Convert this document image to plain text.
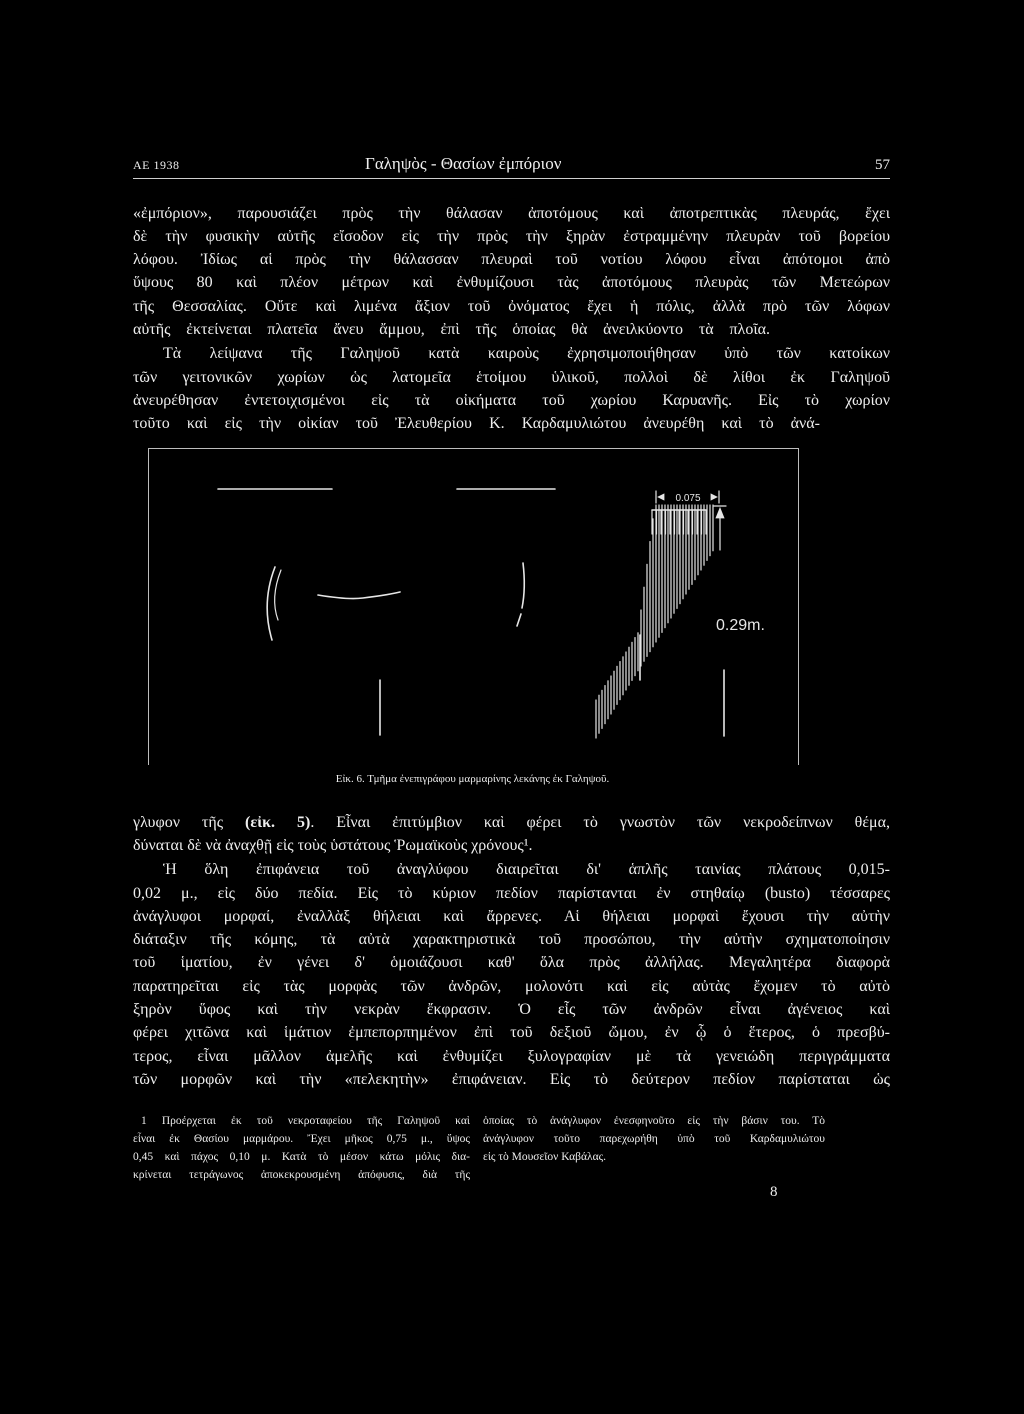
ΑΕ 1938	Γαληψὸς - Θασίων ἐμπόριον	57
«ἐμπόριον», παρουσιάζει πρὸς τὴν θάλασαν ἀποτόμους καὶ ἀποτρεπτικὰς πλευράς, ἔχει
δὲ τὴν φυσικὴν αὐτῆς εἴσοδον εἰς τὴν πρὸς τὴν ξηρὰν ἐστραμμένην πλευρὰν τοῦ βορείου
λόφου. Ἰδίως αἱ πρὸς τὴν θάλασσαν πλευραὶ τοῦ νοτίου λόφου εἶναι ἀπότομοι ἀπὸ
ὕψους 80 καὶ πλέον μέτρων καὶ ἐνθυμίζουσι τὰς ἀποτόμους πλευρὰς τῶν Μετεώρων
τῆς Θεσσαλίας. Οὔτε καὶ λιμένα ἄξιον τοῦ ὀνόματος ἔχει ἡ πόλις, ἀλλὰ πρὸ τῶν λόφων
αὐτῆς ἐκτείνεται πλατεῖα ἄνευ ἄμμου, ἐπὶ τῆς ὁποίας θὰ ἀνειλκύοντο τὰ πλοῖα.
Τὰ λείψανα τῆς Γαληψοῦ κατὰ καιροὺς ἐχρησιμοποιήθησαν ὑπὸ τῶν κατοίκων
τῶν γειτονικῶν χωρίων ὡς λατομεῖα ἑτοίμου ὑλικοῦ, πολλοὶ δὲ λίθοι ἐκ Γαληψοῦ
ἀνευρέθησαν ἐντετοιχισμένοι εἰς τὰ οἰκήματα τοῦ χωρίου Καρυανῆς. Εἰς τὸ χωρίον
τοῦτο καὶ εἰς τὴν οἰκίαν τοῦ Ἐλευθερίου Κ. Καρδαμυλιώτου ἀνευρέθη καὶ τὸ ἀνά-
0.075
0.29m.
Εἰκ. 6. Τμῆμα ἐνεπιγράφου μαρμαρίνης λεκάνης ἐκ Γαληψοῦ.
γλυφον τῆς (εἰκ. 5). Εἶναι ἐπιτύμβιον καὶ φέρει τὸ γνωστὸν τῶν νεκροδείπνων θέμα,
δύναται δὲ νὰ ἀναχθῇ εἰς τοὺς ὑστάτους Ῥωμαϊκοὺς χρόνους¹.
Ἡ ὅλη ἐπιφάνεια τοῦ ἀναγλύφου διαιρεῖται δι' ἁπλῆς ταινίας πλάτους 0,015-
0,02 μ., εἰς δύο πεδία. Εἰς τὸ κύριον πεδίον παρίστανται ἐν στηθαίῳ (busto) τέσσαρες
ἀνάγλυφοι μορφαί, ἐναλλὰξ θήλειαι καὶ ἄρρενες. Αἱ θήλειαι μορφαὶ ἔχουσι τὴν αὐτὴν
διάταξιν τῆς κόμης, τὰ αὐτὰ χαρακτηριστικὰ τοῦ προσώπου, τὴν αὐτὴν σχηματοποίησιν
τοῦ ἱματίου, ἐν γένει δ' ὁμοιάζουσι καθ' ὅλα πρὸς ἀλλήλας. Μεγαλητέρα διαφορὰ
παρατηρεῖται εἰς τὰς μορφὰς τῶν ἀνδρῶν, μολονότι καὶ εἰς αὐτὰς ἔχομεν τὸ αὐτὸ
ξηρὸν ὕφος καὶ τὴν νεκρὰν ἔκφρασιν. Ὁ εἷς τῶν ἀνδρῶν εἶναι ἀγένειος καὶ
φέρει χιτῶνα καὶ ἱμάτιον ἐμπεπορπημένον ἐπὶ τοῦ δεξιοῦ ὤμου, ἐν ᾧ ὁ ἕτερος, ὁ πρεσβύ-
τερος, εἶναι μᾶλλον ἀμελῆς καὶ ἐνθυμίζει ξυλογραφίαν μὲ τὰ γενειώδη περιγράμματα
τῶν μορφῶν καὶ τὴν «πελεκητὴν» ἐπιφάνειαν. Εἰς τὸ δεύτερον πεδίον παρίσταται ὡς
1 Προέρχεται ἐκ τοῦ νεκροταφείου τῆς Γαληψοῦ καὶ
εἶναι ἐκ Θασίου μαρμάρου. Ἔχει μῆκος 0,75 μ., ὕψος
0,45 καὶ πάχος 0,10 μ. Κατὰ τὸ μέσον κάτω μόλις δια-
κρίνεται τετράγωνος ἀποκεκρουσμένη ἀπόφυσις, διὰ τῆς
ὁποίας τὸ ἀνάγλυφον ἐνεσφηνοῦτο εἰς τὴν βάσιν του. Τὸ
ἀνάγλυφον τοῦτο παρεχωρήθη ὑπὸ τοῦ Καρδαμυλιώτου
εἰς τὸ Μουσεῖον Καβάλας.
8
